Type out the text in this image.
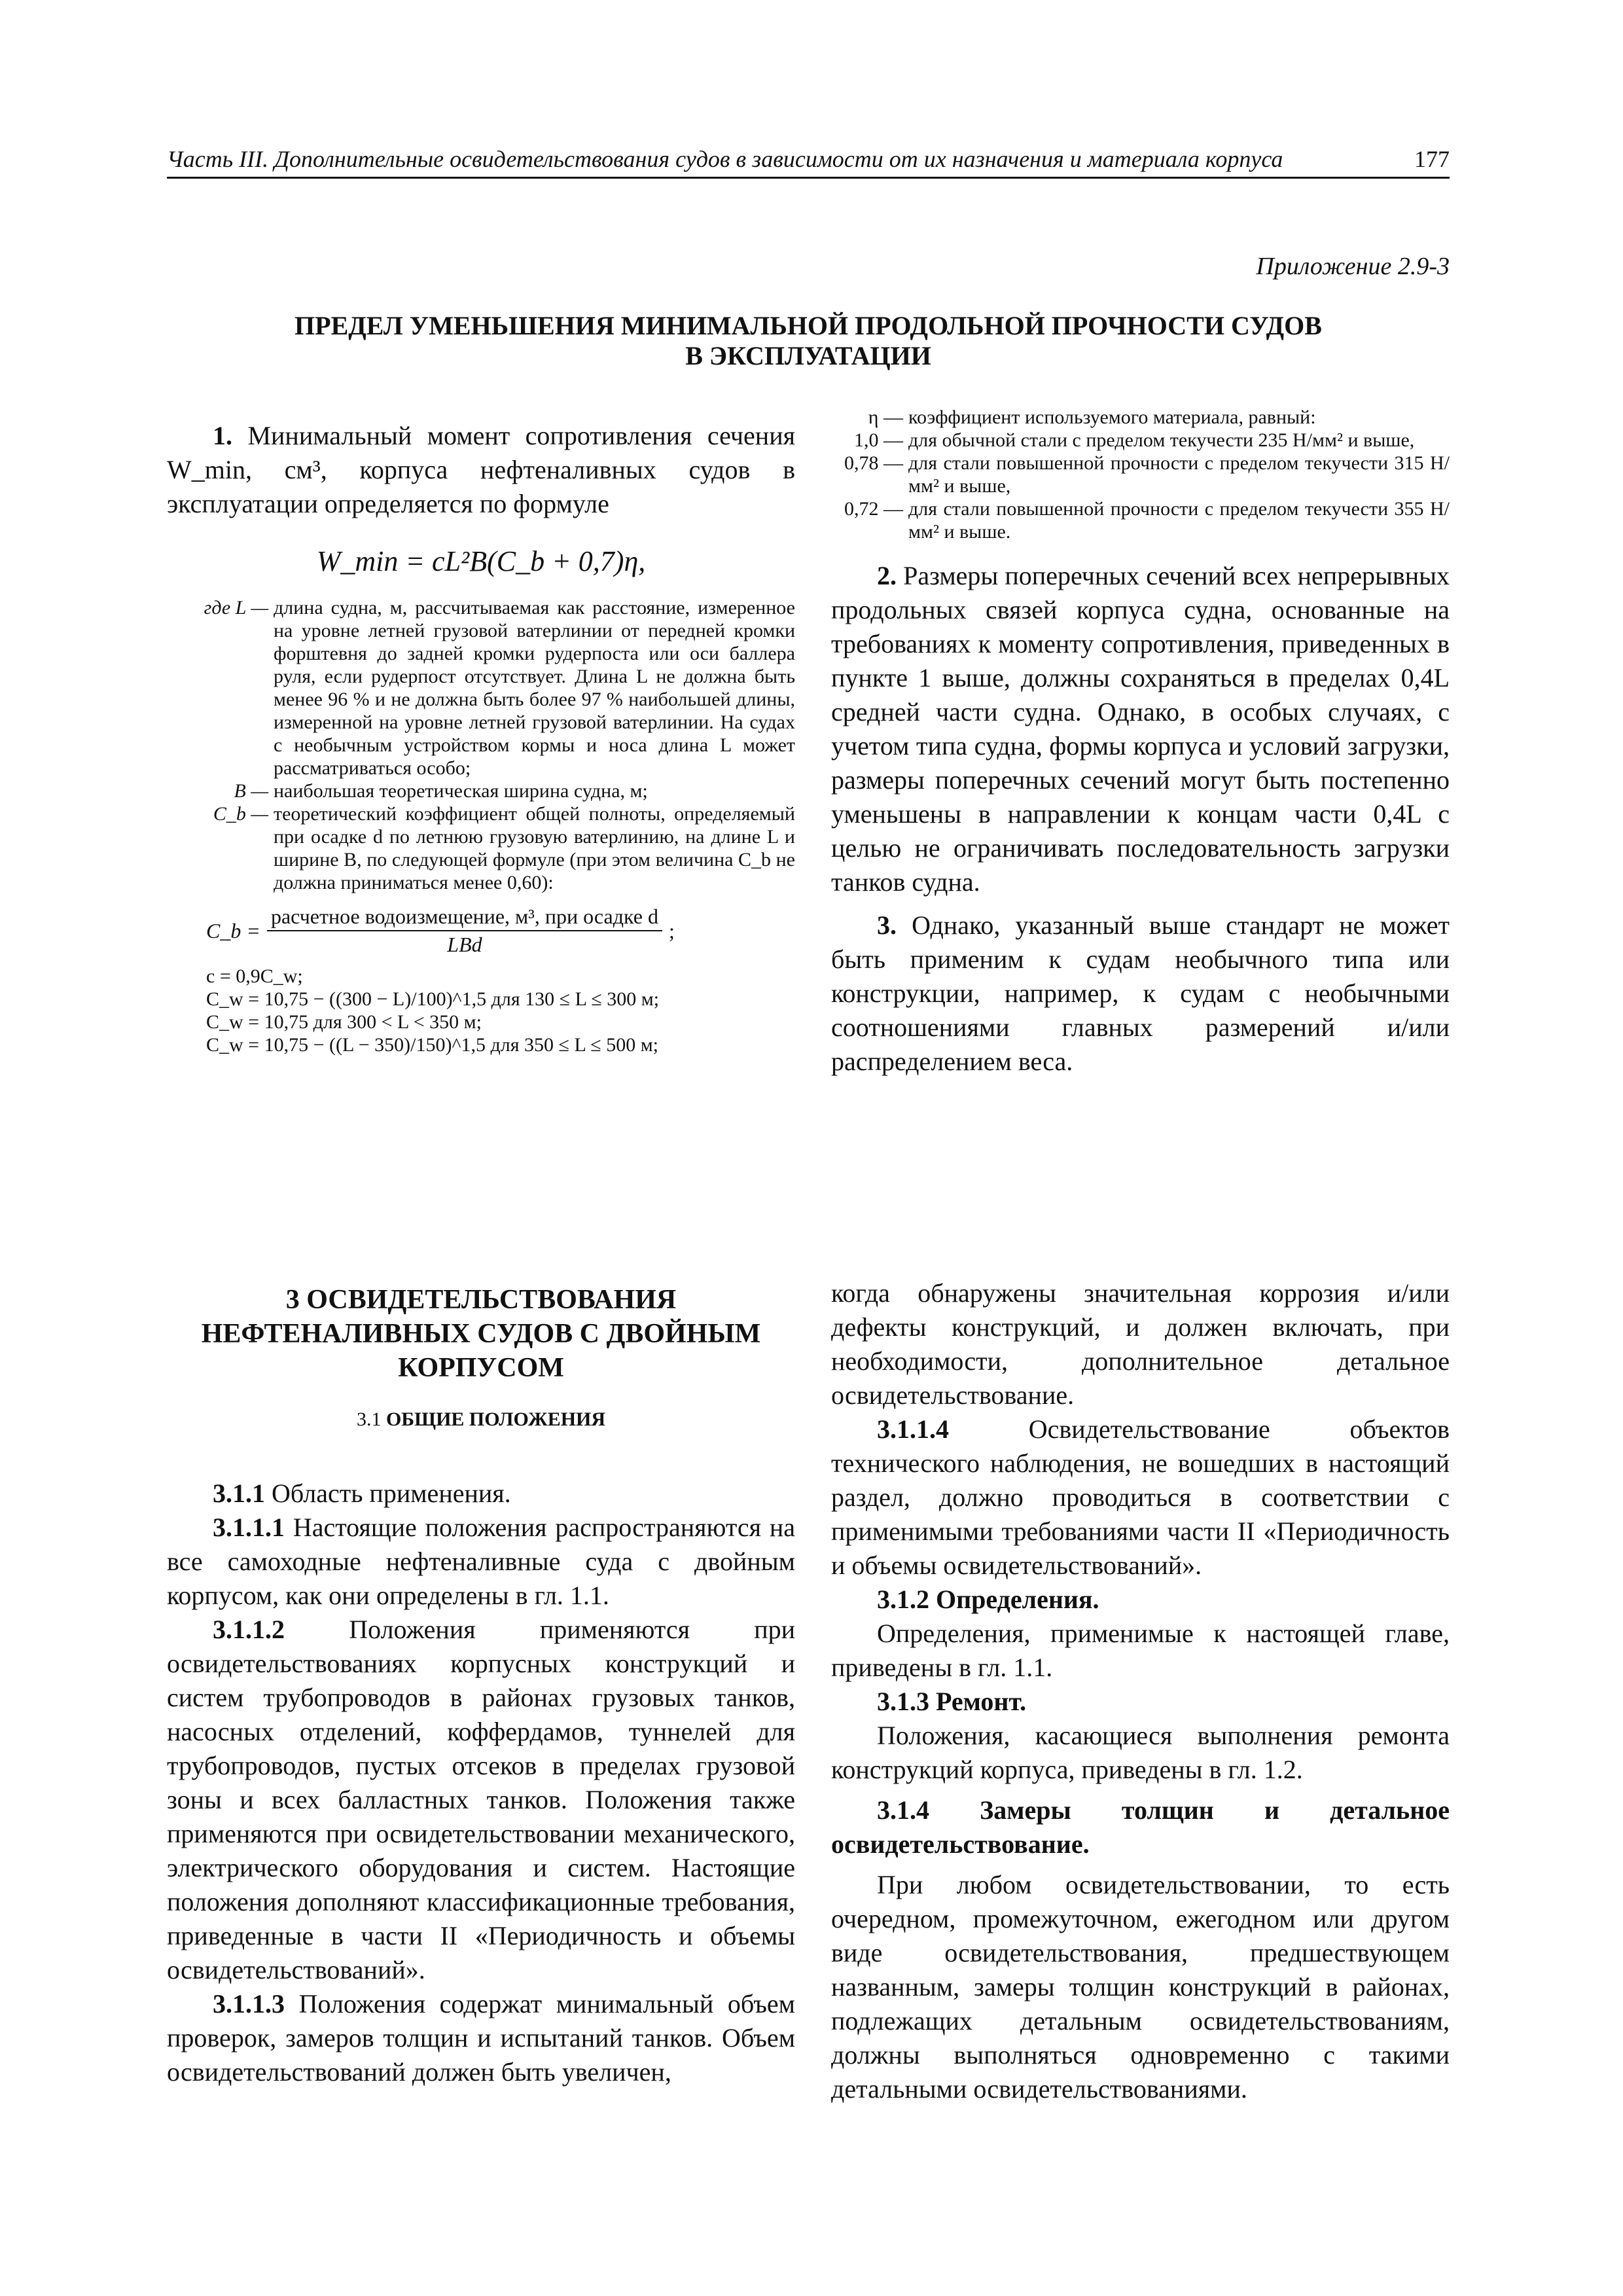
Часть III. Дополнительные освидетельствования судов в зависимости от их назначения и материала корпуса	177
Приложение 2.9-3
ПРЕДЕЛ УМЕНЬШЕНИЯ МИНИМАЛЬНОЙ ПРОДОЛЬНОЙ ПРОЧНОСТИ СУДОВ
В ЭКСПЛУАТАЦИИ

1. Минимальный момент сопротивления сечения W_min, см³, корпуса нефтеналивных судов в эксплуатации определяется по формуле

W_min = cL²B(C_b + 0,7)η,
где L — длина судна, м, рассчитываемая как расстояние, измеренное на уровне летней грузовой ватерлинии от передней кромки форштевня до задней кромки рудерпоста или оси баллера руля, если рудерпост отсутствует. Длина L не должна быть менее 96 % и не должна быть более 97 % наибольшей длины, измеренной на уровне летней грузовой ватерлинии. На судах с необычным устройством кормы и носа длина L может рассматриваться особо;
B — наибольшая теоретическая ширина судна, м;
C_b — теоретический коэффициент общей полноты, определяемый при осадке d по летнюю грузовую ватерлинию, на длине L и ширине B, по следующей формуле (при этом величина C_b не должна приниматься менее 0,60):
C_b = $\frac{\text{расчетное водоизмещение, м³, при осадке d}}{\text{LBd}}$ ;
c = 0,9C_w;
C_w = 10,75 − ((300 − L)/100)^1,5 для 130 ≤ L ≤ 300 м;
C_w = 10,75 для 300 < L < 350 м;
C_w = 10,75 − ((L − 350)/150)^1,5 для 350 ≤ L ≤ 500 м;
η — коэффициент используемого материала, равный:
1,0 — для обычной стали с пределом текучести 235 Н/мм² и выше,
0,78 — для стали повышенной прочности с пределом текучести 315 Н/мм² и выше,
0,72 — для стали повышенной прочности с пределом текучести 355 Н/мм² и выше.

2. Размеры поперечных сечений всех непрерывных продольных связей корпуса судна, основанные на требованиях к моменту сопротивления, приведенных в пункте 1 выше, должны сохраняться в пределах 0,4L средней части судна. Однако, в особых случаях, с учетом типа судна, формы корпуса и условий загрузки, размеры поперечных сечений могут быть постепенно уменьшены в направлении к концам части 0,4L с целью не ограничивать последовательность загрузки танков судна.

3. Однако, указанный выше стандарт не может быть применим к судам необычного типа или конструкции, например, к судам с необычными соотношениями главных размерений и/или распределением веса.

3 ОСВИДЕТЕЛЬСТВОВАНИЯ
НЕФТЕНАЛИВНЫХ СУДОВ С ДВОЙНЫМ
КОРПУСОМ
3.1 ОБЩИЕ ПОЛОЖЕНИЯ

3.1.1 Область применения.

3.1.1.1 Настоящие положения распространяются на все самоходные нефтеналивные суда с двойным корпусом, как они определены в гл. 1.1.

3.1.1.2 Положения применяются при освидетельствованиях корпусных конструкций и систем трубопроводов в районах грузовых танков, насосных отделений, коффердамов, туннелей для трубопроводов, пустых отсеков в пределах грузовой зоны и всех балластных танков. Положения также применяются при освидетельствовании механического, электрического оборудования и систем. Настоящие положения дополняют классификационные требования, приведенные в части II «Периодичность и объемы освидетельствований».

3.1.1.3 Положения содержат минимальный объем проверок, замеров толщин и испытаний танков. Объем освидетельствований должен быть увеличен,

когда обнаружены значительная коррозия и/или дефекты конструкций, и должен включать, при необходимости, дополнительное детальное освидетельствование.

3.1.1.4	Освидетельствование объектов технического наблюдения, не вошедших в настоящий раздел, должно проводиться в соответствии с применимыми требованиями части II «Периодичность и объемы освидетельствований».

3.1.2 Определения.

Определения, применимые к настоящей главе, приведены в гл. 1.1.

3.1.3 Ремонт.

Положения, касающиеся выполнения ремонта конструкций корпуса, приведены в гл. 1.2.

3.1.4 Замеры толщин и детальное освидетельствование.

При любом освидетельствовании, то есть очередном, промежуточном, ежегодном или другом виде освидетельствования, предшествующем названным, замеры толщин конструкций в районах, подлежащих детальным освидетельствованиям, должны выполняться одновременно с такими детальными освидетельствованиями.
